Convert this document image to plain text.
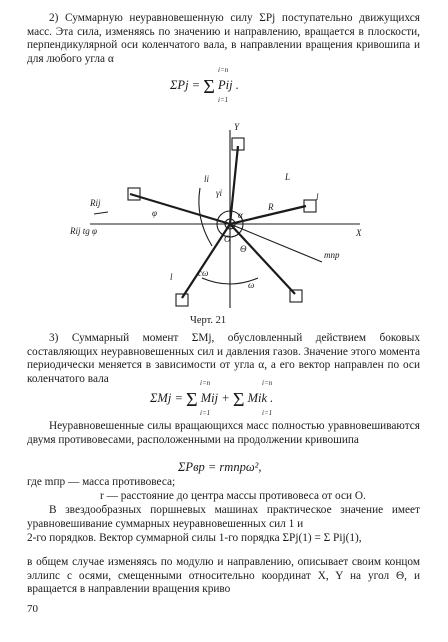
2) Суммарную неуравновешенную силу ΣPj поступательно движущихся масс. Эта сила, изменяясь по значению и направлению, вращается в плоскости, перпендикулярной оси коленчатого вала, в направлении вращения кривошипа и для любого угла α

ΣPj = Σ
i=n
i=1
Pij .
Y
X
L
R
l
l
Rij
Rij tg φ
φ	α
O
Θ
mпр
ω
li
γi
cω
Черт. 21

3) Суммарный момент ΣMj, обусловленный действием боковых составляющих неуравновешенных сил и давления газов. Значение этого момента периодически меняется в зависимости от угла α, а его вектор направлен по оси коленчатого вала

ΣMj = Σ
i=n
i=1
Mij + Σ
i=n
i=1
Mik .

Неуравновешенные силы вращающихся масс полностью уравновешиваются двумя противовесами, расположенными на продолжении кривошипа

ΣPвр = rmпрω²,

где mпр — масса противовеса;

r — расстояние до центра массы противовеса от оси O.

В звездообразных поршневых машинах практическое значение имеет уравновешивание суммарных неуравновешенных сил 1 и

2-го порядков. Вектор суммарной силы 1-го порядка ΣPj(1) = Σ Pij(1),

в общем случае изменяясь по модулю и направлению, описывает своим концом эллипс с осями, смещенными относительно координат X, Y на угол Θ, и вращается в направлении вращения криво

70
